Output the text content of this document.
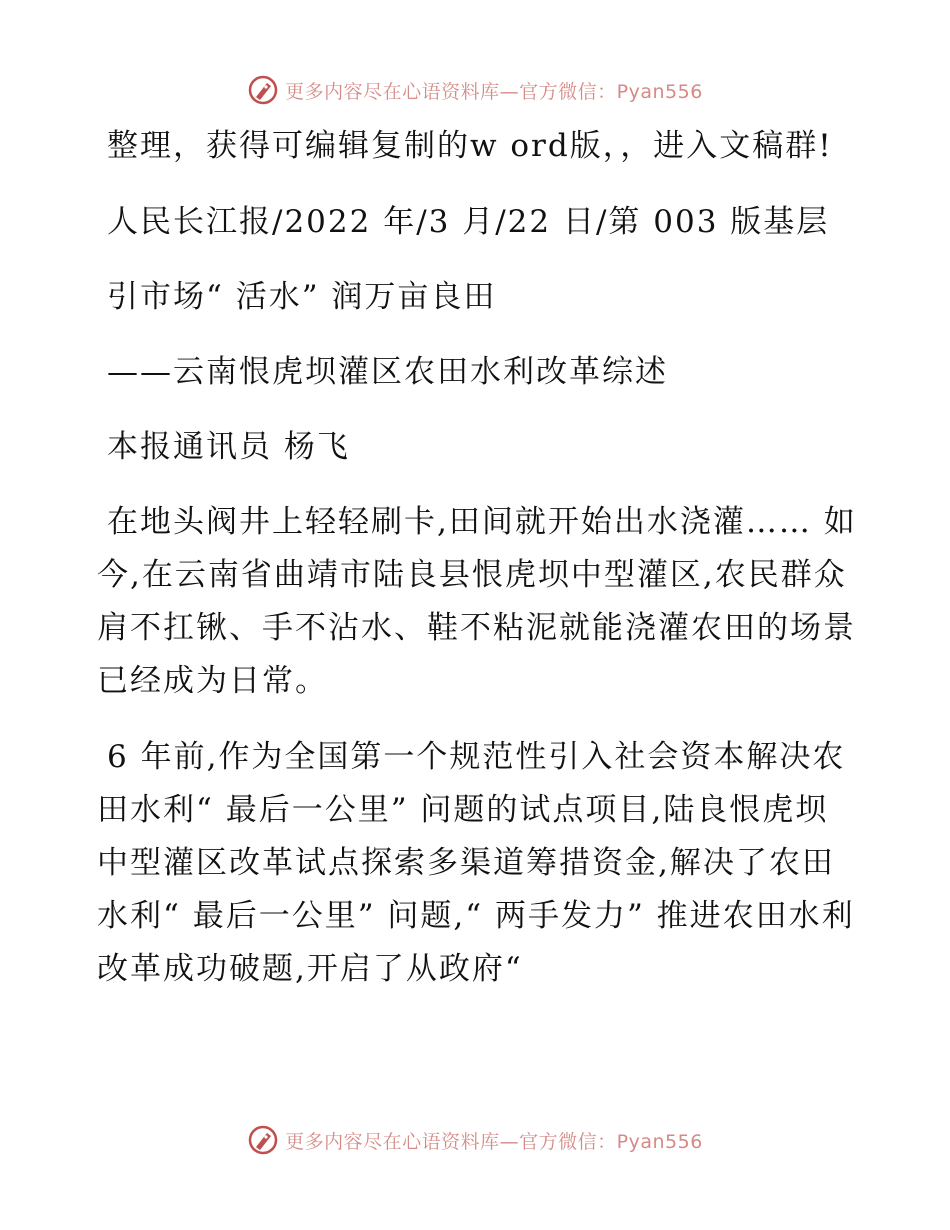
更多内容尽在心语资料库—官方微信：Pyan556

整理，获得可编辑复制的w ord版，，进入文稿群!

人民长江报/2022 年/3 月/22 日/第 003 版基层

引市场“ 活水” 润万亩良田

——云南恨虎坝灌区农田水利改革综述

本报通讯员 杨飞

在地头阀井上轻轻刷卡,田间就开始出水浇灌…… 如今,在云南省曲靖市陆良县恨虎坝中型灌区,农民群众肩不扛锹、手不沾水、鞋不粘泥就能浇灌农田的场景已经成为日常。

6 年前,作为全国第一个规范性引入社会资本解决农田水利“ 最后一公里” 问题的试点项目,陆良恨虎坝中型灌区改革试点探索多渠道筹措资金,解决了农田水利“ 最后一公里” 问题,“ 两手发力” 推进农田水利改革成功破题,开启了从政府“

更多内容尽在心语资料库—官方微信：Pyan556
